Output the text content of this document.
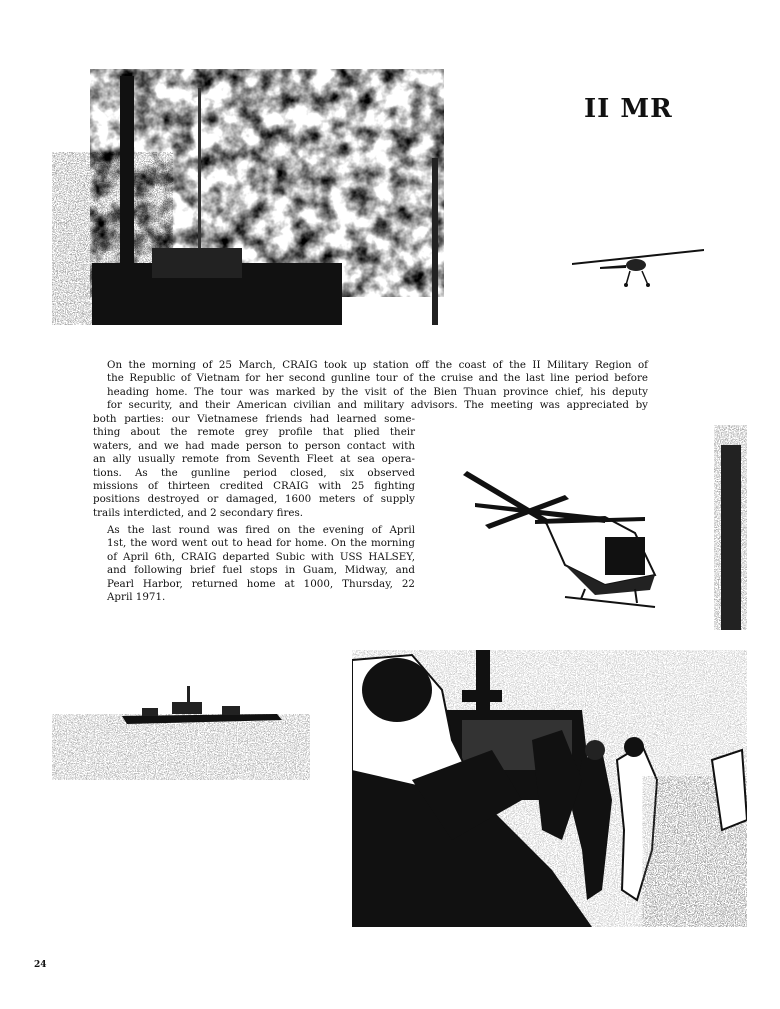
II MR
On the morning of 25 March, CRAIG took up station off the coast of the II Military Region of
the Republic of Vietnam for her second gunline tour of the cruise and the last line period before
heading home. The tour was marked by the visit of the Bien Thuan province chief, his deputy
for security, and their American civilian and military advisors. The meeting was appreciated by
both parties: our Vietnamese friends had learned some-
thing about the remote grey profile that plied their
waters, and we had made person to person contact with
an ally usually remote from Seventh Fleet at sea opera-
tions. As the gunline period closed, six observed
missions of thirteen credited CRAIG with 25 fighting
positions destroyed or damaged, 1600 meters of supply
trails interdicted, and 2 secondary fires.
As the last round was fired on the evening of April
1st, the word went out to head for home. On the morning
of April 6th, CRAIG departed Subic with USS HALSEY,
and following brief fuel stops in Guam, Midway, and
Pearl Harbor, returned home at 1000, Thursday, 22
April 1971.
24
